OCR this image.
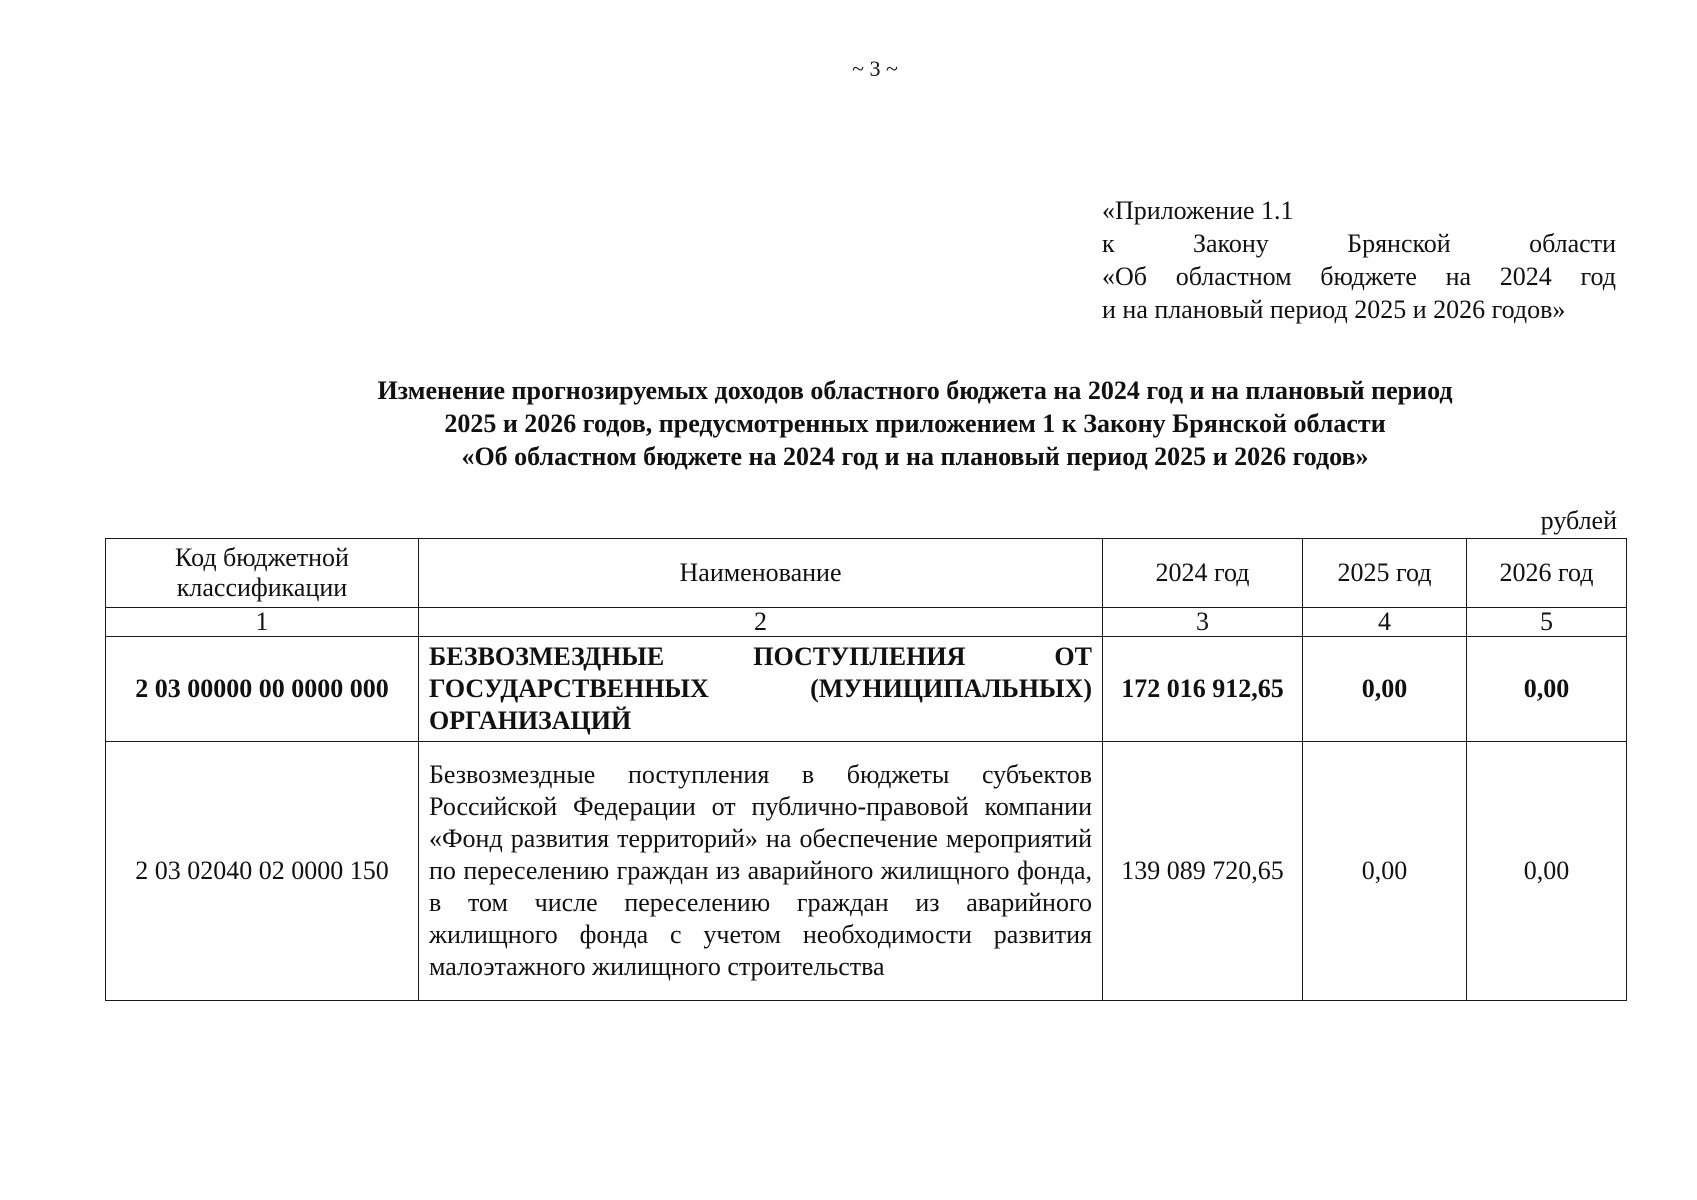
~ 3 ~
«Приложение 1.1
к Закону Брянской области
«Об областном бюджете на 2024 год
и на плановый период 2025 и 2026 годов»
Изменение прогнозируемых доходов областного бюджета на 2024 год и на плановый период
2025 и 2026 годов, предусмотренных приложением 1 к Закону Брянской области
«Об областном бюджете на 2024 год и на плановый период 2025 и 2026 годов»
рублей
Код бюджетной классификации	Наименование	2024 год	2025 год	2026 год
1	2	3	4	5
2 03 00000 00 0000 000	БЕЗВОЗМЕЗДНЫЕ ПОСТУПЛЕНИЯ ОТ ГОСУДАРСТВЕННЫХ (МУНИЦИПАЛЬНЫХ) ОРГАНИЗАЦИЙ	172 016 912,65	0,00	0,00
2 03 02040 02 0000 150	Безвозмездные поступления в бюджеты субъектов Российской Федерации от публично-правовой компании «Фонд развития территорий» на обеспечение мероприятий по переселению граждан из аварийного жилищного фонда, в том числе переселению граждан из аварийного жилищного фонда с учетом необходимости развития малоэтажного жилищного строительства	139 089 720,65	0,00	0,00
